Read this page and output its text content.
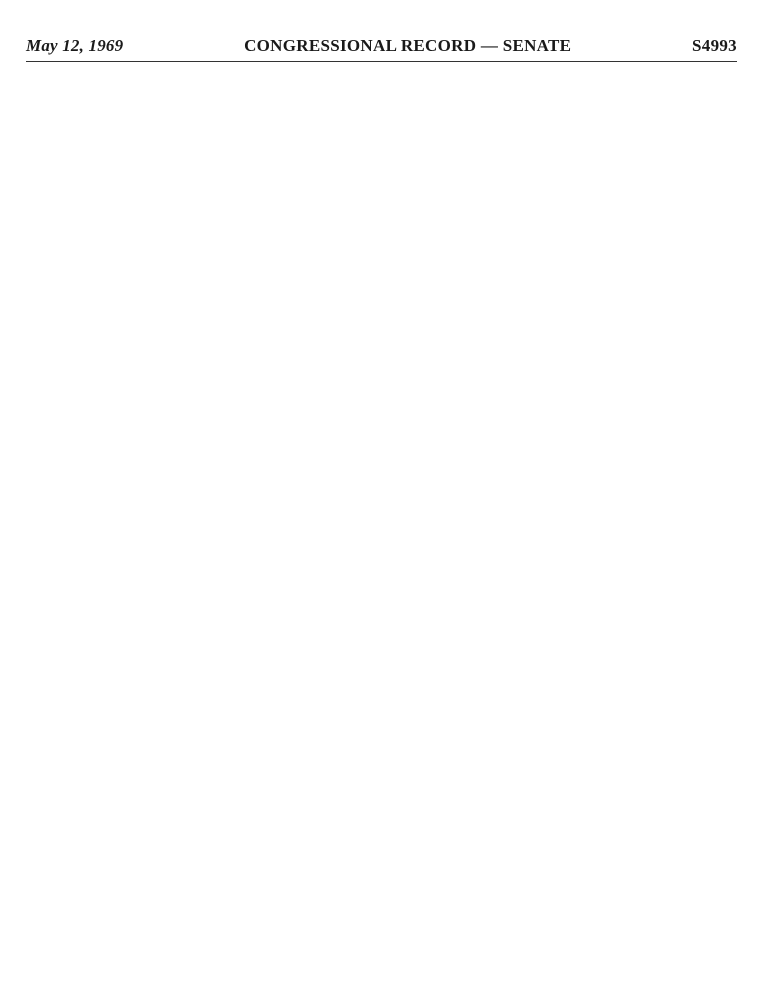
May 12, 1969	CONGRESSIONAL RECORD — SENATE	S4993
